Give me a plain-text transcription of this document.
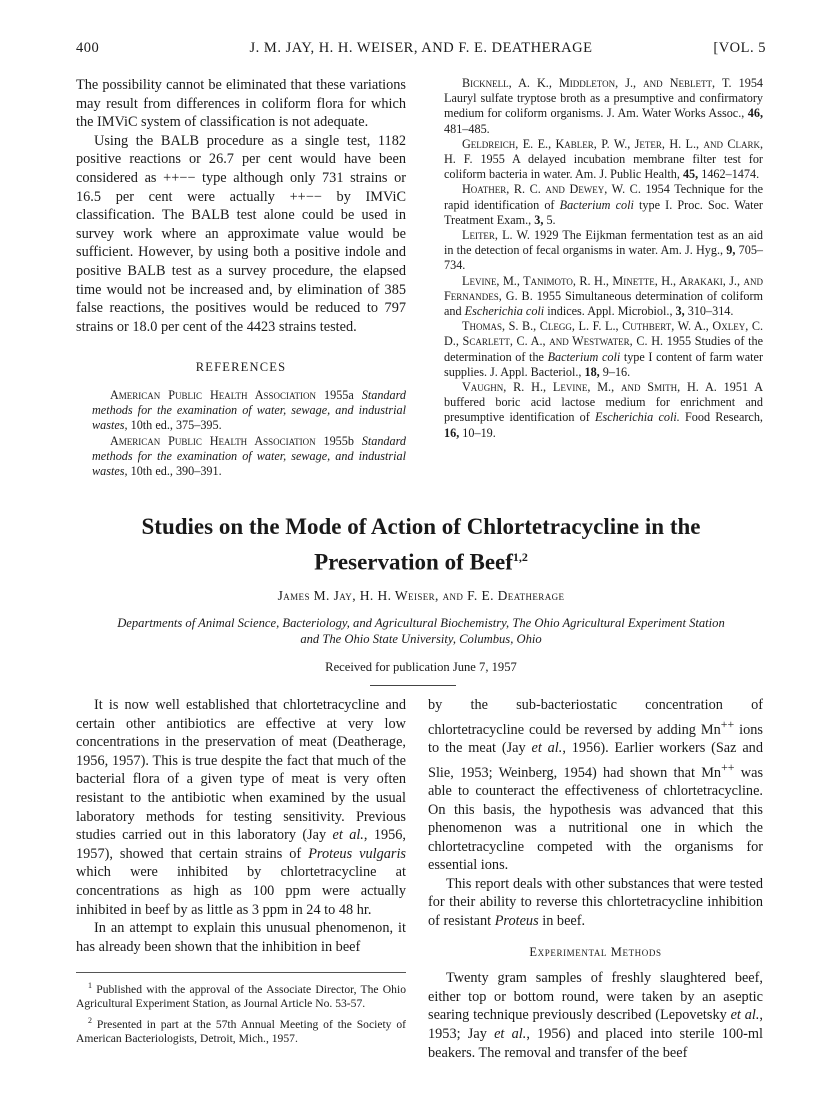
400	J. M. JAY, H. H. WEISER, AND F. E. DEATHERAGE	[VOL. 5

The possibility cannot be eliminated that these variations may result from differences in coliform flora for which the IMViC system of classification is not adequate.

Using the BALB procedure as a single test, 1182 positive reactions or 26.7 per cent would have been considered as ++−− type although only 731 strains or 16.5 per cent were actually ++−− by IMViC classification. The BALB test alone could be used in survey work where an approximate value would be sufficient. However, by using both a positive indole and positive BALB test as a survey procedure, the elapsed time would not be increased and, by elimination of 385 false reactions, the positives would be reduced to 797 strains or 18.0 per cent of the 4423 strains tested.

REFERENCES

American Public Health Association 1955a Standard methods for the examination of water, sewage, and industrial wastes, 10th ed., 375–395.

American Public Health Association 1955b Standard methods for the examination of water, sewage, and industrial wastes, 10th ed., 390–391.

Bicknell, A. K., Middleton, J., and Neblett, T. 1954 Lauryl sulfate tryptose broth as a presumptive and confirmatory medium for coliform organisms. J. Am. Water Works Assoc., 46, 481–485.

Geldreich, E. E., Kabler, P. W., Jeter, H. L., and Clark, H. F. 1955 A delayed incubation membrane filter test for coliform bacteria in water. Am. J. Public Health, 45, 1462–1474.

Hoather, R. C. and Dewey, W. C. 1954 Technique for the rapid identification of Bacterium coli type I. Proc. Soc. Water Treatment Exam., 3, 5.

Leiter, L. W. 1929 The Eijkman fermentation test as an aid in the detection of fecal organisms in water. Am. J. Hyg., 9, 705–734.

Levine, M., Tanimoto, R. H., Minette, H., Arakaki, J., and Fernandes, G. B. 1955 Simultaneous determination of coliform and Escherichia coli indices. Appl. Microbiol., 3, 310–314.

Thomas, S. B., Clegg, L. F. L., Cuthbert, W. A., Oxley, C. D., Scarlett, C. A., and Westwater, C. H. 1955 Studies of the determination of the Bacterium coli type I content of farm water supplies. J. Appl. Bacteriol., 18, 9–16.

Vaughn, R. H., Levine, M., and Smith, H. A. 1951 A buffered boric acid lactose medium for enrichment and presumptive identification of Escherichia coli. Food Research, 16, 10–19.

Studies on the Mode of Action of Chlortetracycline in the
Preservation of Beef$^{1,2}$
James M. Jay, H. H. Weiser, and F. E. Deatherage
Departments of Animal Science, Bacteriology, and Agricultural Biochemistry, The Ohio Agricultural Experiment Station and The Ohio State University, Columbus, Ohio
Received for publication June 7, 1957

It is now well established that chlortetracycline and certain other antibiotics are effective at very low concentrations in the preservation of meat (Deatherage, 1956, 1957). This is true despite the fact that much of the bacterial flora of a given type of meat is very often resistant to the antibiotic when examined by the usual laboratory methods for testing sensitivity. Previous studies carried out in this laboratory (Jay et al., 1956, 1957), showed that certain strains of Proteus vulgaris which were inhibited by chlortetracycline at concentrations as high as 100 ppm were actually inhibited in beef by as little as 3 ppm in 24 to 48 hr.

In an attempt to explain this unusual phenomenon, it has already been shown that the inhibition in beef

by the sub-bacteriostatic concentration of chlortetracycline could be reversed by adding Mn++ ions to the meat (Jay et al., 1956). Earlier workers (Saz and Slie, 1953; Weinberg, 1954) had shown that Mn++ was able to counteract the effectiveness of chlortetracycline. On this basis, the hypothesis was advanced that this phenomenon was a nutritional one in which the chlortetracycline competed with the organisms for essential ions.

This report deals with other substances that were tested for their ability to reverse this chlortetracycline inhibition of resistant Proteus in beef.

Experimental Methods

Twenty gram samples of freshly slaughtered beef, either top or bottom round, were taken by an aseptic searing technique previously described (Lepovetsky et al., 1953; Jay et al., 1956) and placed into sterile 100-ml beakers. The removal and transfer of the beef

$^1$ Published with the approval of the Associate Director, The Ohio Agricultural Experiment Station, as Journal Article No. 53-57.

$^2$ Presented in part at the 57th Annual Meeting of the Society of American Bacteriologists, Detroit, Mich., 1957.
